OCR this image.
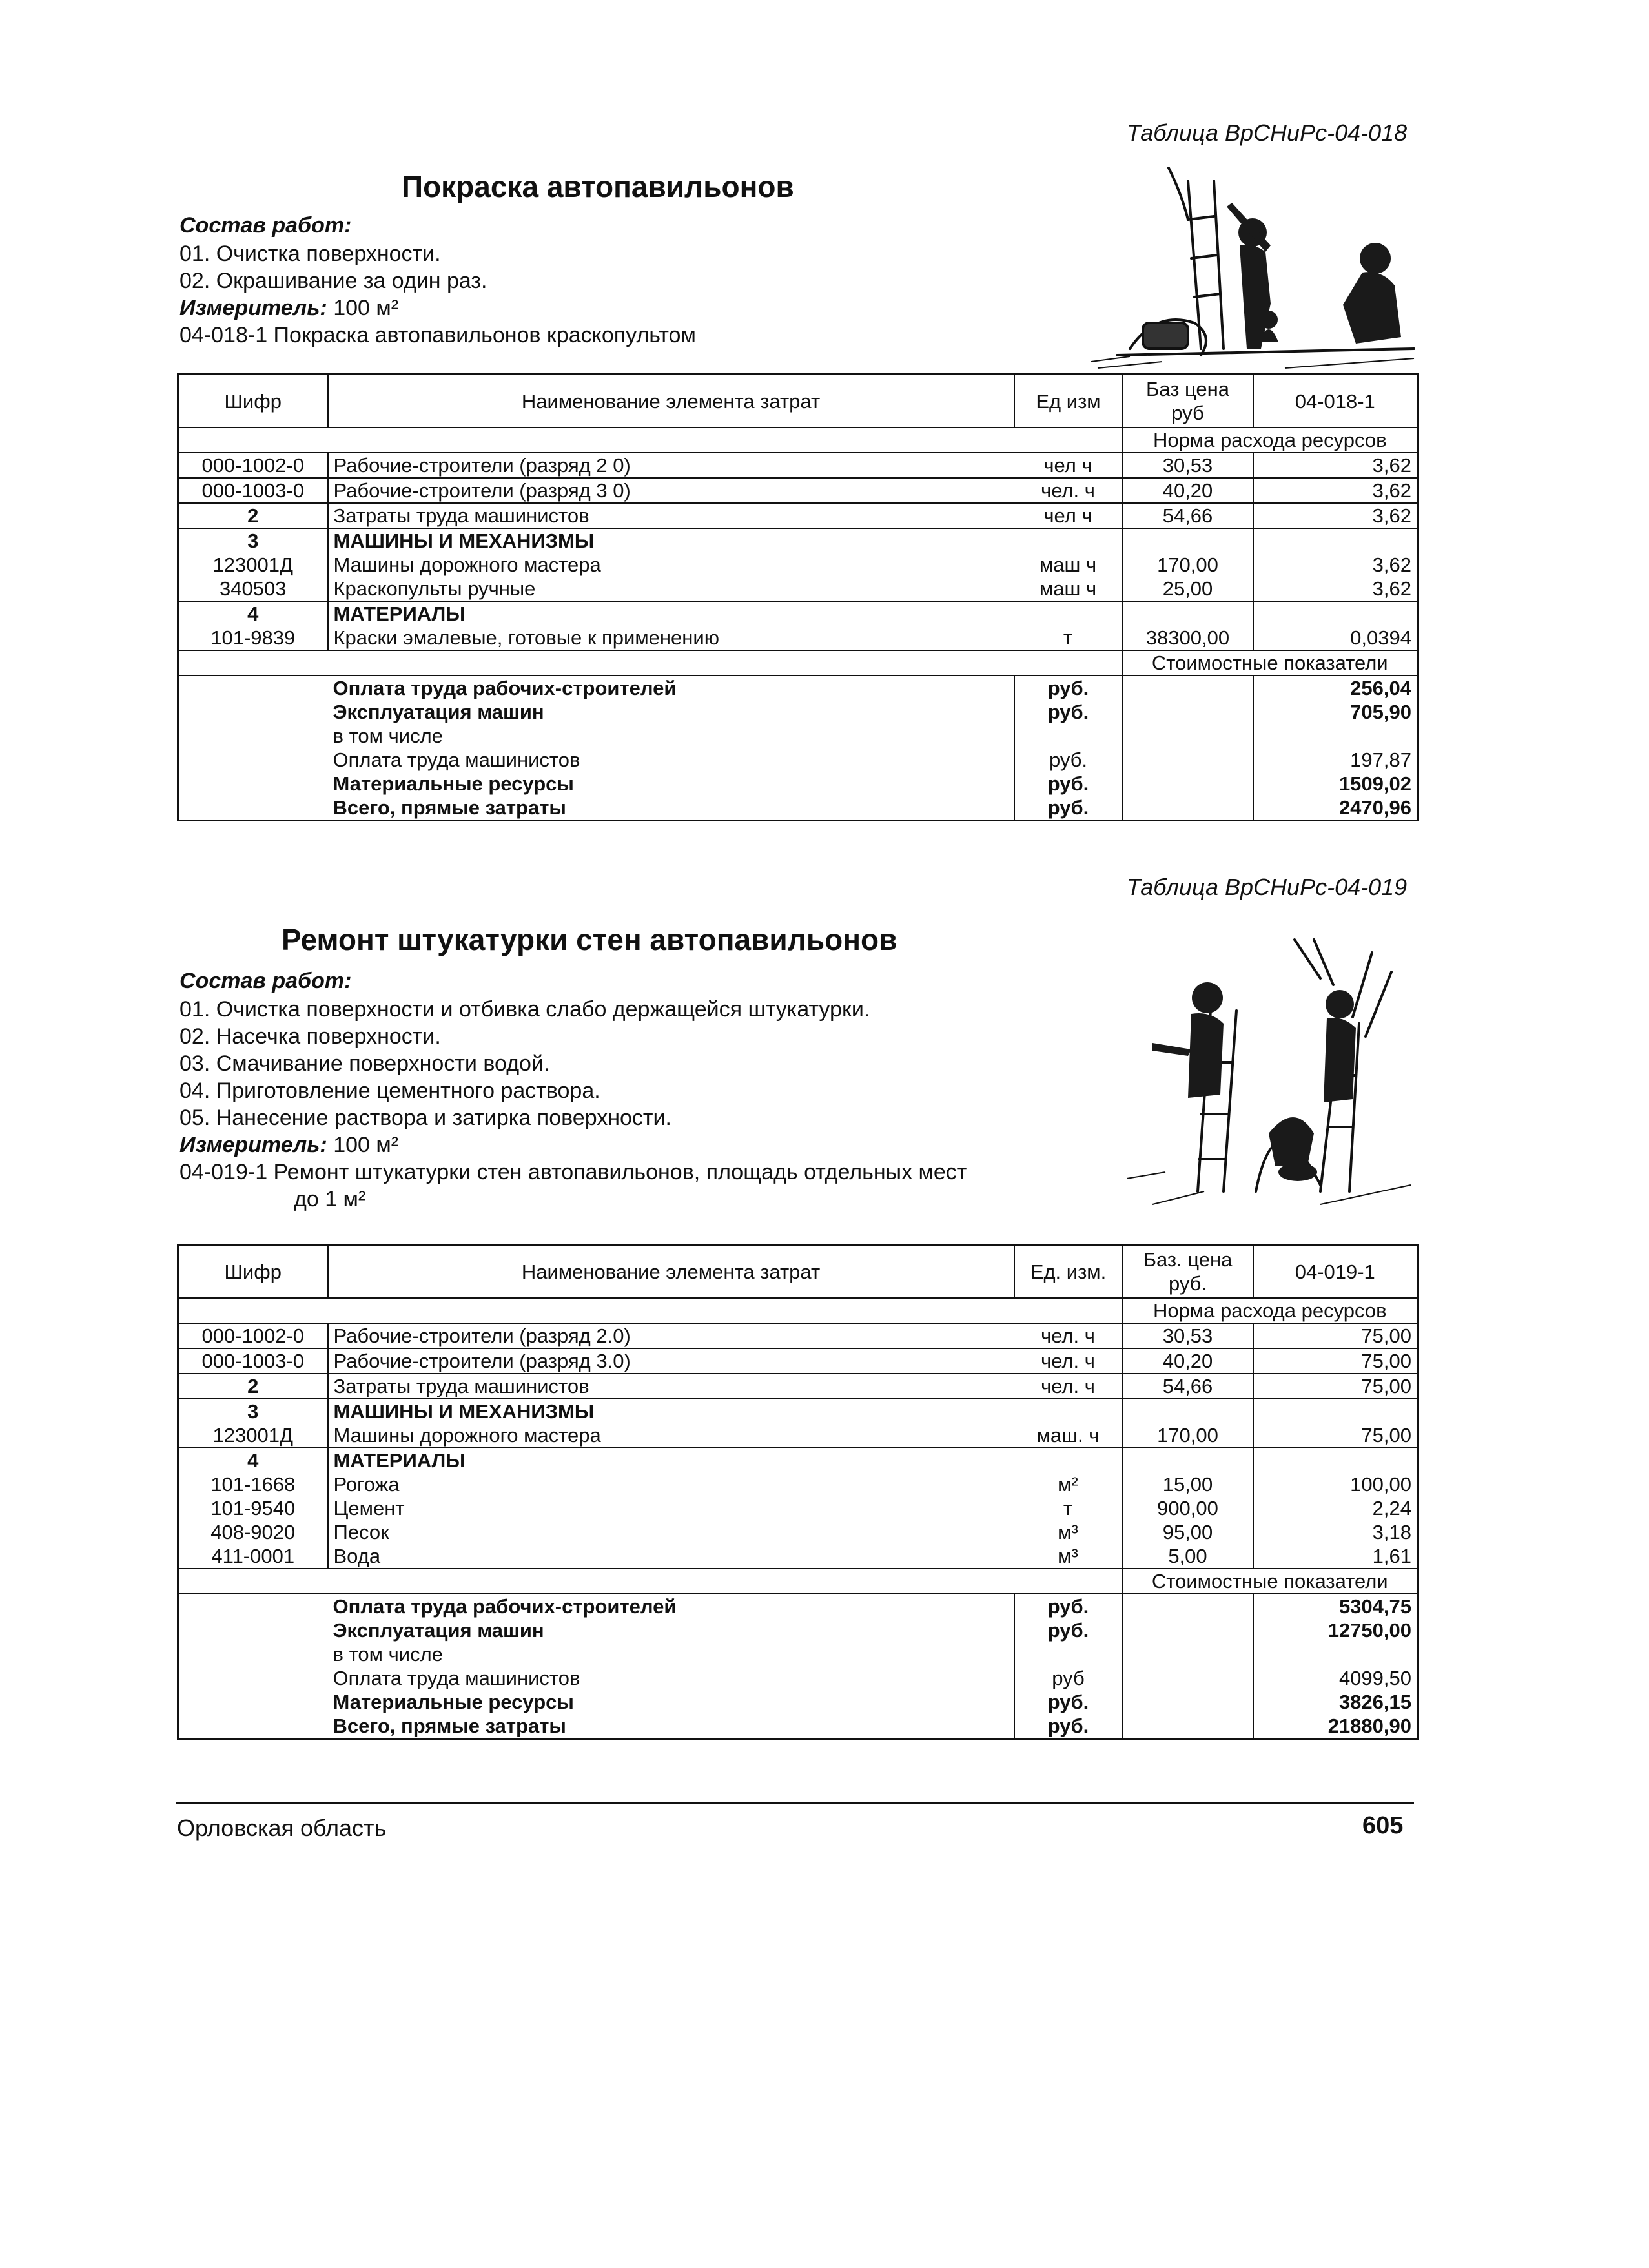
Таблица ВрСНиРс-04-018
Покраска автопавильонов
Состав работ:
01. Очистка поверхности.
02. Окрашивание за один раз.
Измеритель: 100 м²
04-018-1 Покраска автопавильонов краскопультом
Шифр	Наименование элемента затрат	Ед изм	Баз цена руб	04-018-1
			Норма расхода ресурсов	
000-1002-0	Рабочие-строители (разряд 2 0)	чел ч	30,53	3,62
000-1003-0	Рабочие-строители (разряд 3 0)	чел. ч	40,20	3,62
2	Затраты труда машинистов	чел ч	54,66	3,62
3	МАШИНЫ И МЕХАНИЗМЫ			
123001Д	Машины дорожного мастера	маш ч	170,00	3,62
340503	Краскопульты ручные	маш ч	25,00	3,62
4	МАТЕРИАЛЫ			
101-9839	Краски эмалевые, готовые к применению	т	38300,00	0,0394
			Стоимостные показатели	
	Оплата труда рабочих-строителей	руб.		256,04
	Эксплуатация машин	руб.		705,90
	в том числе			
	Оплата труда машинистов	руб.		197,87
	Материальные ресурсы	руб.		1509,02
	Всего, прямые затраты	руб.		2470,96
Таблица ВрСНиРс-04-019
Ремонт штукатурки стен автопавильонов
Состав работ:
01. Очистка поверхности и отбивка слабо держащейся штукатурки.
02. Насечка поверхности.
03. Смачивание поверхности водой.
04. Приготовление цементного раствора.
05. Нанесение раствора и затирка поверхности.
Измеритель: 100 м²
04-019-1 Ремонт штукатурки стен автопавильонов, площадь отдельных мест
до 1 м²
Шифр	Наименование элемента затрат	Ед. изм.	Баз. цена руб.	04-019-1
			Норма расхода ресурсов	
000-1002-0	Рабочие-строители (разряд 2.0)	чел. ч	30,53	75,00
000-1003-0	Рабочие-строители (разряд 3.0)	чел. ч	40,20	75,00
2	Затраты труда машинистов	чел. ч	54,66	75,00
3	МАШИНЫ И МЕХАНИЗМЫ			
123001Д	Машины дорожного мастера	маш. ч	170,00	75,00
4	МАТЕРИАЛЫ			
101-1668	Рогожа	м²	15,00	100,00
101-9540	Цемент	т	900,00	2,24
408-9020	Песок	м³	95,00	3,18
411-0001	Вода	м³	5,00	1,61
			Стоимостные показатели	
	Оплата труда рабочих-строителей	руб.		5304,75
	Эксплуатация машин	руб.		12750,00
	в том числе			
	Оплата труда машинистов	руб		4099,50
	Материальные ресурсы	руб.		3826,15
	Всего, прямые затраты	руб.		21880,90
Орловская область	605
